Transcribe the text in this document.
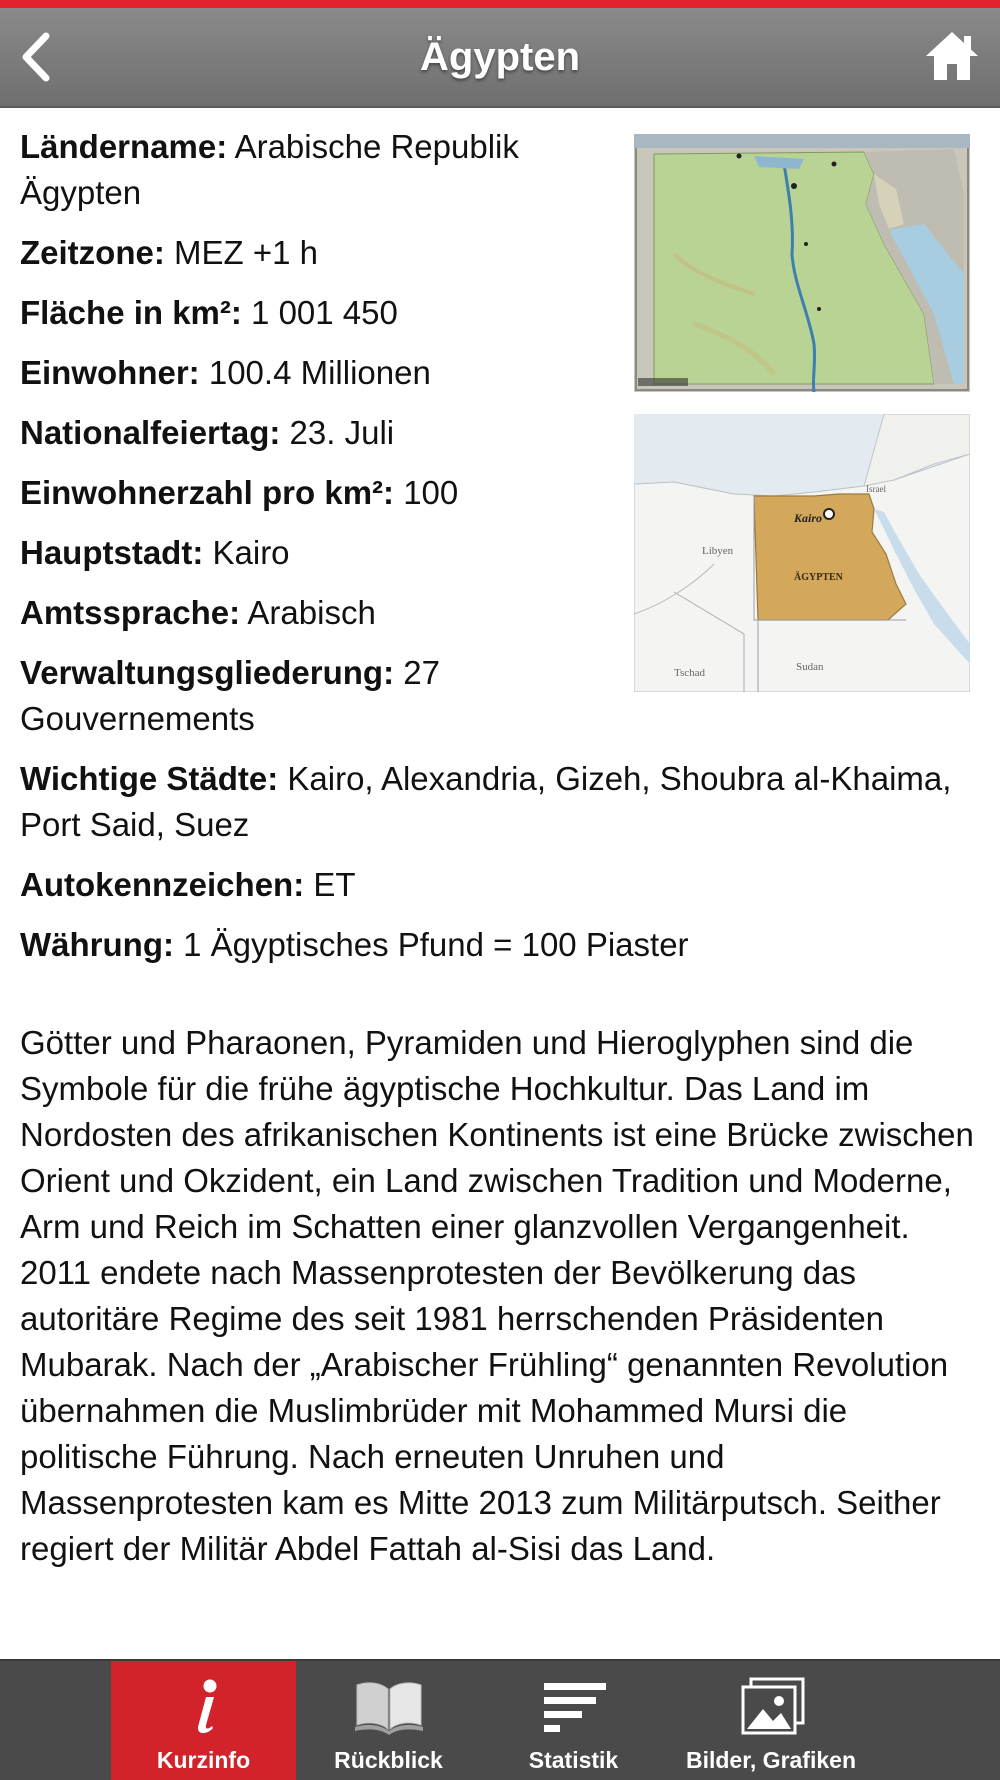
Ägypten
Kairo
ÄGYPTEN
Libyen
Israel
Tschad	Sudan

Ländername: Arabische Republik Ägypten

Zeitzone: MEZ +1 h

Fläche in km²: 1 001 450

Einwohner: 100.4 Millionen

Nationalfeiertag: 23. Juli

Einwohnerzahl pro km²: 100

Hauptstadt: Kairo

Amtssprache: Arabisch

Verwaltungsgliederung: 27 Gouvernements

Wichtige Städte: Kairo, Alexandria, Gizeh, Shoubra al-Khaima, Port Said, Suez

Autokennzeichen: ET

Währung: 1 Ägyptisches Pfund = 100 Piaster

Götter und Pharaonen, Pyramiden und Hieroglyphen sind die Symbole für die frühe ägyptische Hochkultur. Das Land im Nordosten des afrikanischen Kontinents ist eine Brücke zwischen Orient und Okzident, ein Land zwischen Tradition und Moderne, Arm und Reich im Schatten einer glanzvollen Vergangenheit. 2011 endete nach Massenprotesten der Bevölkerung das autoritäre Regime des seit 1981 herrschenden Präsidenten Mubarak. Nach der „Arabischer Frühling“ genannten Revolution übernahmen die Muslimbrüder mit Mohammed Mursi die politische Führung. Nach erneuten Unruhen und Massenprotesten kam es Mitte 2013 zum Militärputsch. Seither regiert der Militär Abdel Fattah al-Sisi das Land.
Kurzinfo	Rückblick	Statistik	Bilder, Grafiken
